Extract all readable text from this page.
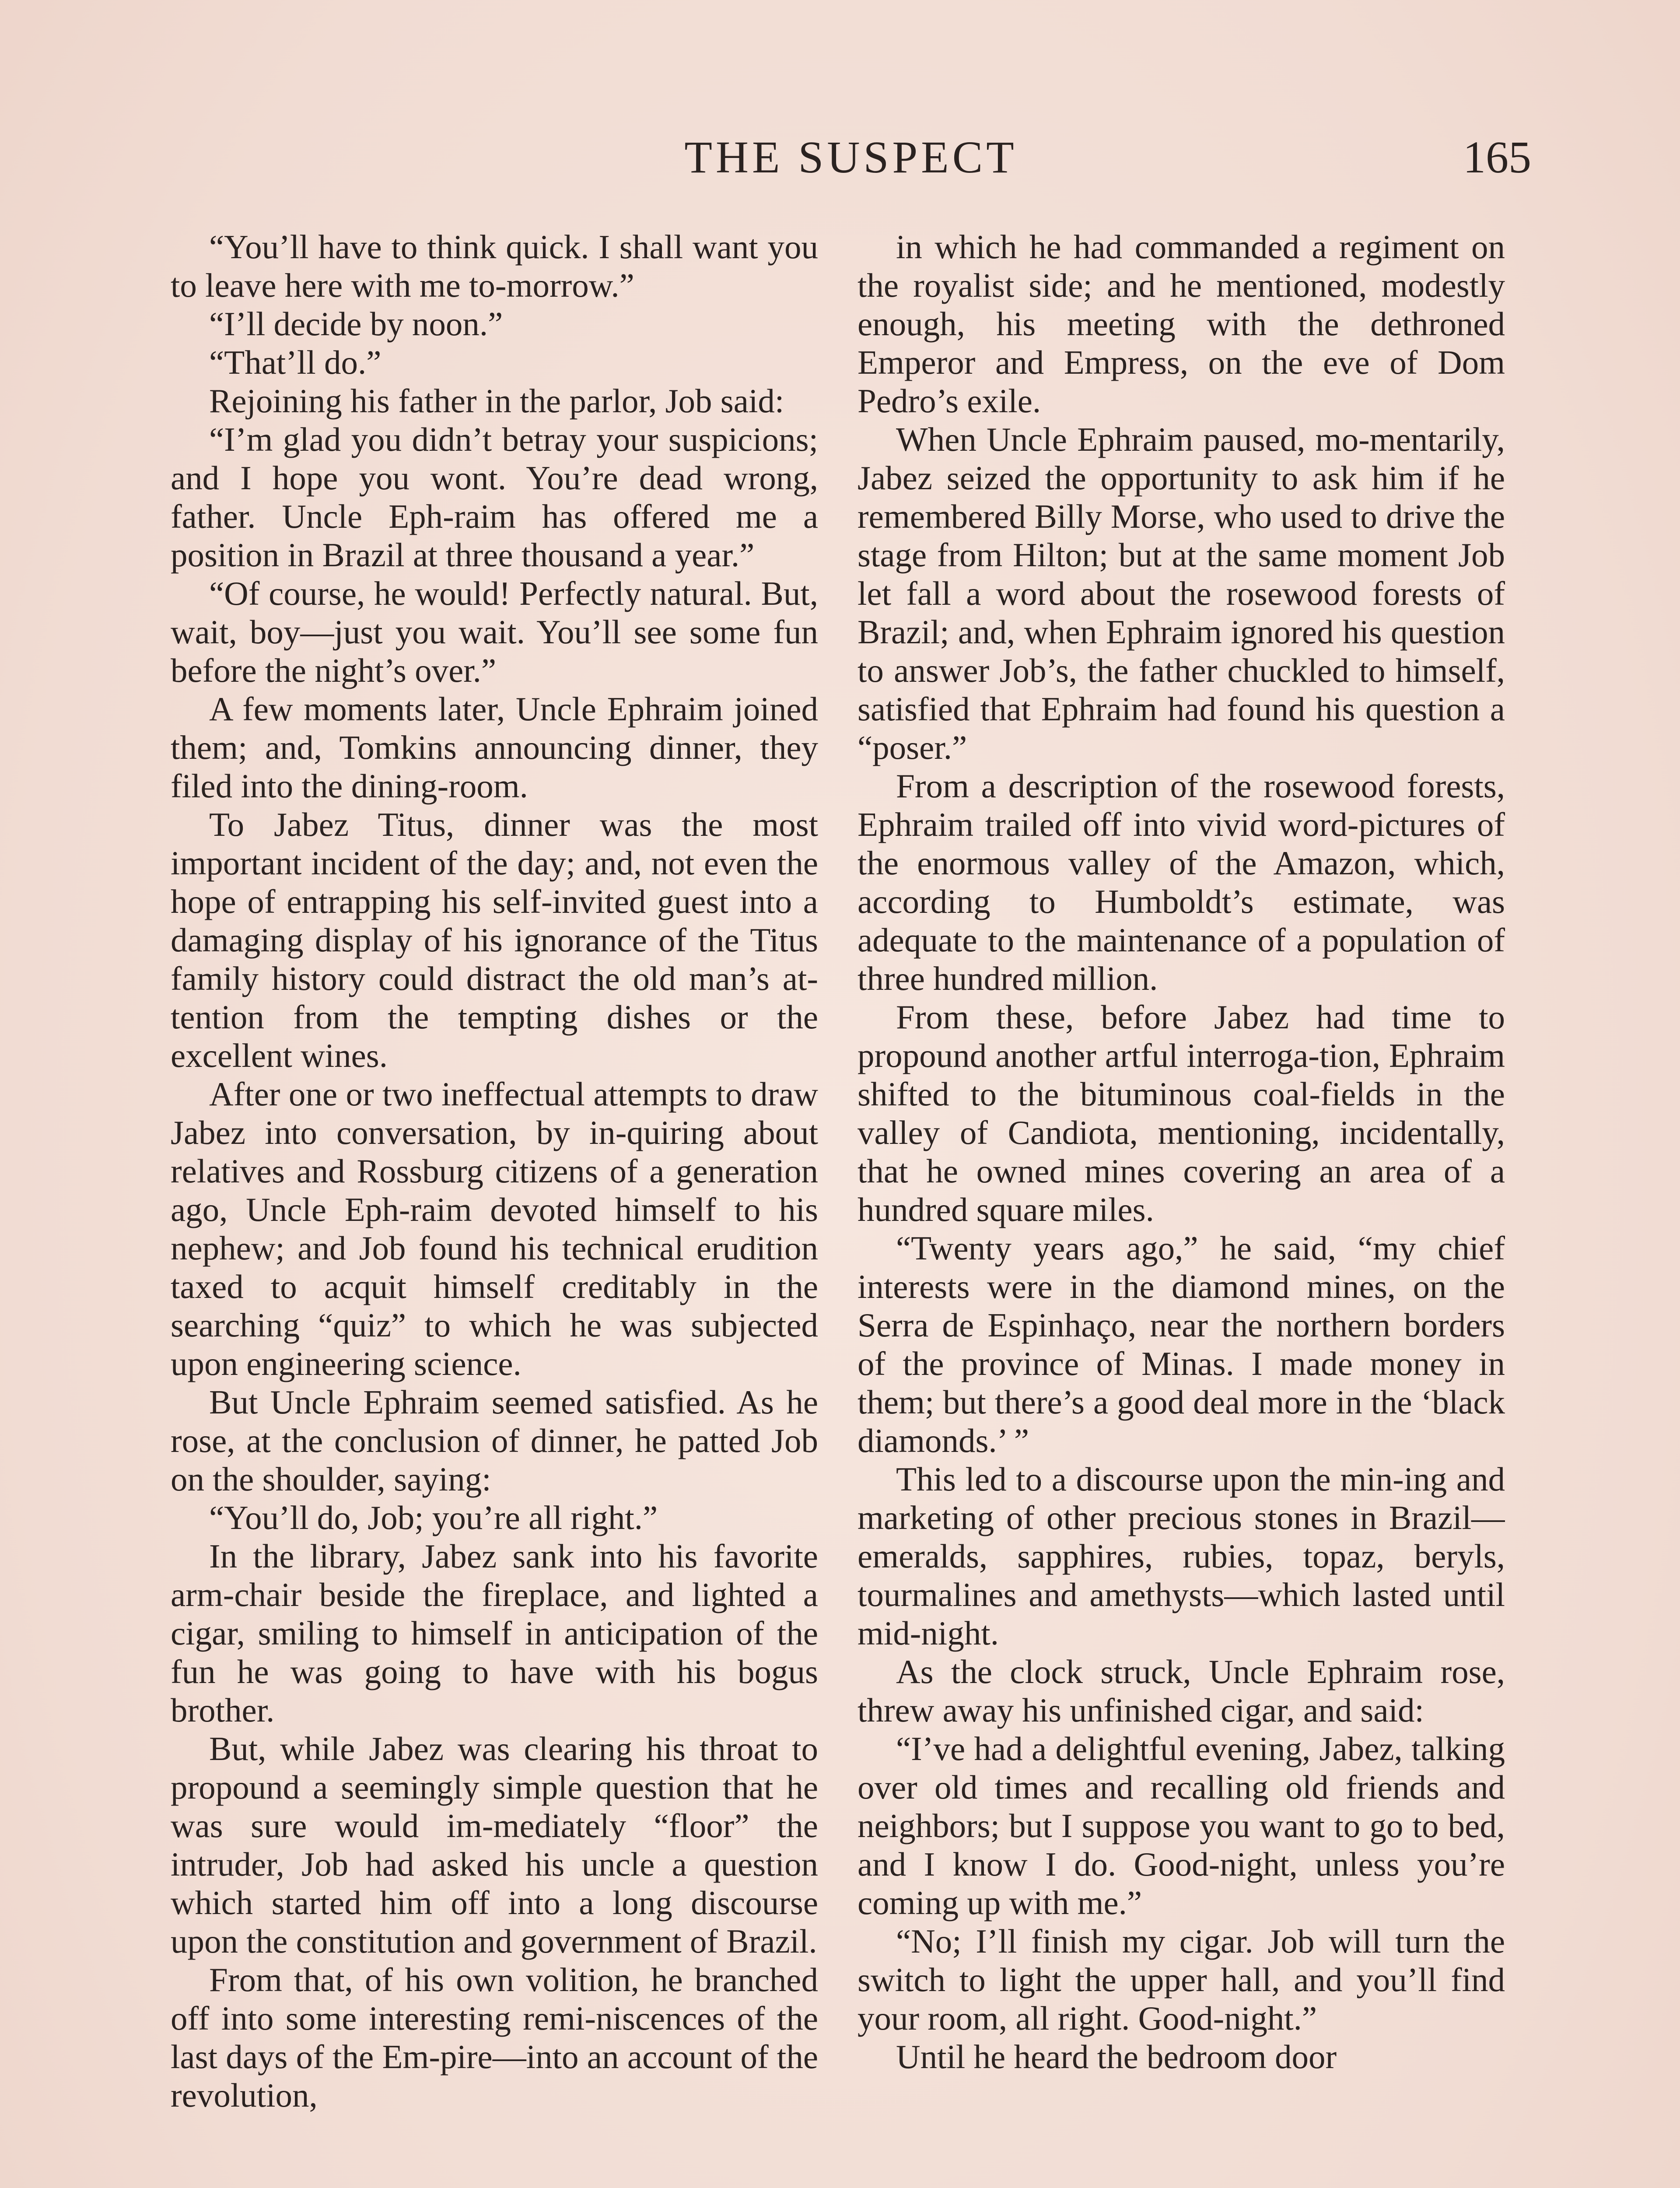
THE SUSPECT	165

“You’ll have to think quick. I shall want you to leave here with me to-morrow.”

“I’ll decide by noon.”

“That’ll do.”

Rejoining his father in the parlor, Job said:

“I’m glad you didn’t betray your suspicions; and I hope you wont. You’re dead wrong, father. Uncle Eph-raim has offered me a position in Brazil at three thousand a year.”

“Of course, he would! Perfectly natural. But, wait, boy—just you wait. You’ll see some fun before the night’s over.”

A few moments later, Uncle Ephraim joined them; and, Tomkins announcing dinner, they filed into the dining-room.

To Jabez Titus, dinner was the most important incident of the day; and, not even the hope of entrapping his self-invited guest into a damaging display of his ignorance of the Titus family history could distract the old man’s at-tention from the tempting dishes or the excellent wines.

After one or two ineffectual attempts to draw Jabez into conversation, by in-quiring about relatives and Rossburg citizens of a generation ago, Uncle Eph-raim devoted himself to his nephew; and Job found his technical erudition taxed to acquit himself creditably in the searching “quiz” to which he was subjected upon engineering science.

But Uncle Ephraim seemed satisfied. As he rose, at the conclusion of dinner, he patted Job on the shoulder, saying:

“You’ll do, Job; you’re all right.”

In the library, Jabez sank into his favorite arm-chair beside the fireplace, and lighted a cigar, smiling to himself in anticipation of the fun he was going to have with his bogus brother.

But, while Jabez was clearing his throat to propound a seemingly simple question that he was sure would im-mediately “floor” the intruder, Job had asked his uncle a question which started him off into a long discourse upon the constitution and government of Brazil.

From that, of his own volition, he branched off into some interesting remi-niscences of the last days of the Em-pire—into an account of the revolution,

in which he had commanded a regiment on the royalist side; and he mentioned, modestly enough, his meeting with the dethroned Emperor and Empress, on the eve of Dom Pedro’s exile.

When Uncle Ephraim paused, mo-mentarily, Jabez seized the opportunity to ask him if he remembered Billy Morse, who used to drive the stage from Hilton; but at the same moment Job let fall a word about the rosewood forests of Brazil; and, when Ephraim ignored his question to answer Job’s, the father chuckled to himself, satisfied that Ephraim had found his question a “poser.”

From a description of the rosewood forests, Ephraim trailed off into vivid word-pictures of the enormous valley of the Amazon, which, according to Humboldt’s estimate, was adequate to the maintenance of a population of three hundred million.

From these, before Jabez had time to propound another artful interroga-tion, Ephraim shifted to the bituminous coal-fields in the valley of Candiota, mentioning, incidentally, that he owned mines covering an area of a hundred square miles.

“Twenty years ago,” he said, “my chief interests were in the diamond mines, on the Serra de Espinhaço, near the northern borders of the province of Minas. I made money in them; but there’s a good deal more in the ‘black diamonds.’ ”

This led to a discourse upon the min-ing and marketing of other precious stones in Brazil—emeralds, sapphires, rubies, topaz, beryls, tourmalines and amethysts—which lasted until mid-night.

As the clock struck, Uncle Ephraim rose, threw away his unfinished cigar, and said:

“I’ve had a delightful evening, Jabez, talking over old times and recalling old friends and neighbors; but I suppose you want to go to bed, and I know I do. Good-night, unless you’re coming up with me.”

“No; I’ll finish my cigar. Job will turn the switch to light the upper hall, and you’ll find your room, all right. Good-night.”

Until he heard the bedroom door
